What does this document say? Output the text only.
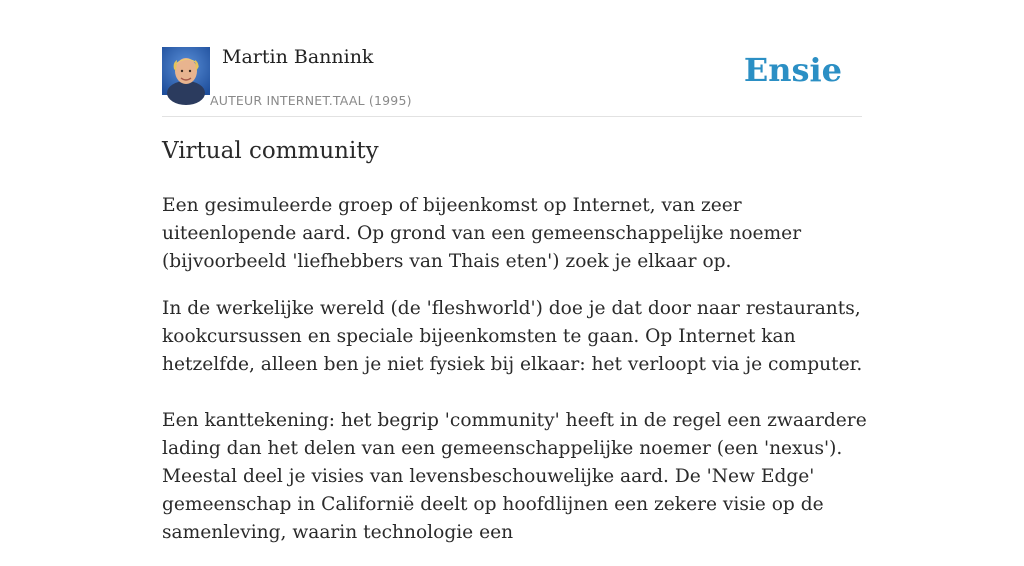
Martin Bannink
AUTEUR INTERNET.TAAL (1995)
Ensie
Virtual community

Een gesimuleerde groep of bijeenkomst op Internet, van zeer uiteenlopende aard. Op grond van een gemeenschappelijke noemer (bijvoorbeeld 'liefhebbers van Thais eten') zoek je elkaar op.

In de werkelijke wereld (de 'fleshworld') doe je dat door naar restaurants, kookcursussen en speciale bijeenkomsten te gaan. Op Internet kan hetzelfde, alleen ben je niet fysiek bij elkaar: het verloopt via je computer.

Een kanttekening: het begrip 'community' heeft in de regel een zwaardere lading dan het delen van een gemeenschappelijke noemer (een 'nexus'). Meestal deel je visies van levensbeschouwelijke aard. De 'New Edge' gemeenschap in Californië deelt op hoofdlijnen een zekere visie op de samenleving, waarin technologie een
